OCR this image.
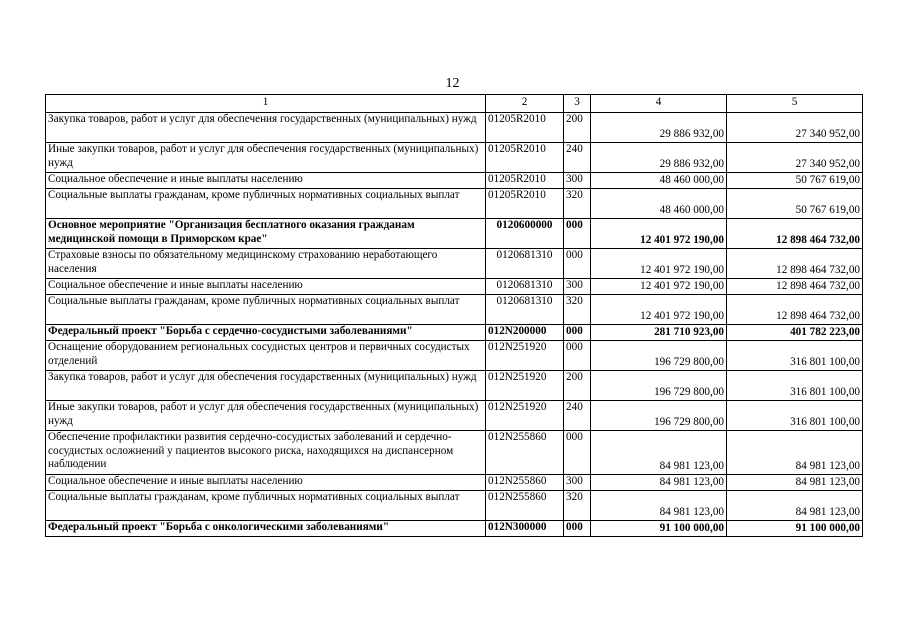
12
1	2	3	4	5
Закупка товаров, работ и услуг для обеспечения государственных (муниципальных) нужд	01205R2010	200	29 886 932,00	27 340 952,00
Иные закупки товаров, работ и услуг для обеспечения государственных (муниципальных) нужд	01205R2010	240	29 886 932,00	27 340 952,00
Социальное обеспечение и иные выплаты населению	01205R2010	300	48 460 000,00	50 767 619,00
Социальные выплаты гражданам, кроме публичных нормативных социальных выплат	01205R2010	320	48 460 000,00	50 767 619,00
Основное мероприятие "Организация бесплатного оказания гражданам медицинской помощи в Приморском крае"	0120600000	000	12 401 972 190,00	12 898 464 732,00
Страховые взносы по обязательному медицинскому страхованию неработающего населения	0120681310	000	12 401 972 190,00	12 898 464 732,00
Социальное обеспечение и иные выплаты населению	0120681310	300	12 401 972 190,00	12 898 464 732,00
Социальные выплаты гражданам, кроме публичных нормативных социальных выплат	0120681310	320	12 401 972 190,00	12 898 464 732,00
Федеральный проект "Борьба с сердечно-сосудистыми заболеваниями"	012N200000	000	281 710 923,00	401 782 223,00
Оснащение оборудованием региональных сосудистых центров и первичных сосудистых отделений	012N251920	000	196 729 800,00	316 801 100,00
Закупка товаров, работ и услуг для обеспечения государственных (муниципальных) нужд	012N251920	200	196 729 800,00	316 801 100,00
Иные закупки товаров, работ и услуг для обеспечения государственных (муниципальных) нужд	012N251920	240	196 729 800,00	316 801 100,00
Обеспечение профилактики развития сердечно-сосудистых заболеваний и сердечно-сосудистых осложнений у пациентов высокого риска, находящихся на диспансерном наблюдении	012N255860	000	84 981 123,00	84 981 123,00
Социальное обеспечение и иные выплаты населению	012N255860	300	84 981 123,00	84 981 123,00
Социальные выплаты гражданам, кроме публичных нормативных социальных выплат	012N255860	320	84 981 123,00	84 981 123,00
Федеральный проект "Борьба с онкологическими заболеваниями"	012N300000	000	91 100 000,00	91 100 000,00
